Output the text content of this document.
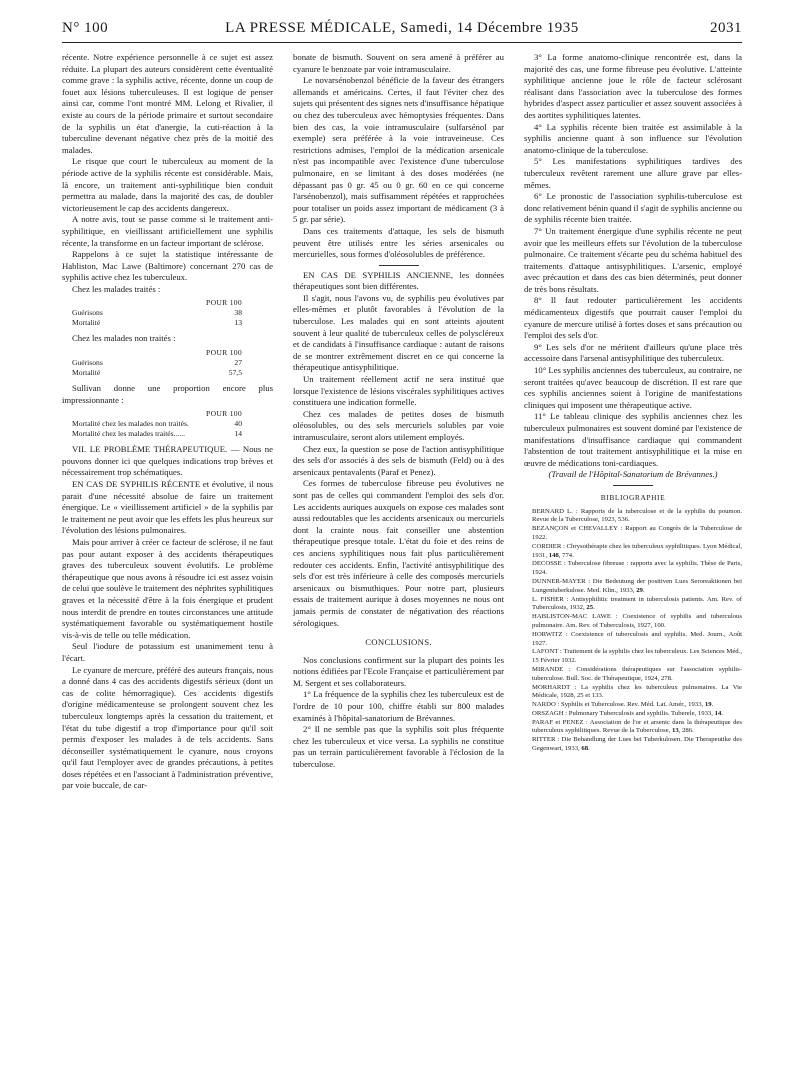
N° 100	LA PRESSE MÉDICALE, Samedi, 14 Décembre 1935	2031

récente. Notre expérience personnelle à ce sujet est assez réduite. La plupart des auteurs considèrent cette éventualité comme grave : la syphilis active, récente, donne un coup de fouet aux lésions tuberculeuses. Il est logique de penser ainsi car, comme l'ont montré MM. Lelong et Rivalier, il existe au cours de la période primaire et surtout secondaire de la syphilis un état d'anergie, la cuti-réaction à la tuberculine devenant négative chez près de la moitié des malades.

Le risque que court le tuberculeux au moment de la période active de la syphilis récente est considérable. Mais, là encore, un traitement anti-syphilitique bien conduit permettra au malade, dans la majorité des cas, de doubler victorieusement le cap des accidents dangereux.

A notre avis, tout se passe comme si le traitement anti-syphilitique, en vieillissant artificiellement une syphilis récente, la transforme en un facteur important de sclérose.

Rappelons à ce sujet la statistique intéressante de Habliston, Mac Lawe (Baltimore) concernant 270 cas de syphilis active chez les tuberculeux.

Chez les malades traités :

POUR 100
Guérisons	38
Mortalité	13

Chez les malades non traités :

POUR 100
Guérisons	27
Mortalité	57,5

Sullivan donne une proportion encore plus impressionnante :

POUR 100
Mortalité chez les malades non traités.	40
Mortalité chez les malades traités......	14

VII. LE PROBLÈME THÉRAPEUTIQUE. — Nous ne pouvons donner ici que quelques indications trop brèves et nécessairement trop schématiques.

EN CAS DE SYPHILIS RÉCENTE et évolutive, il nous parait d'une nécessité absolue de faire un traitement énergique. Le « vieillissement artificiel » de la syphilis par le traitement ne peut avoir que les effets les plus heureux sur l'évolution des lésions pulmonaires.

Mais pour arriver à créer ce facteur de sclérose, il ne faut pas pour autant exposer à des accidents thérapeutiques graves des tuberculeux souvent évolutifs. Le problème thérapeutique que nous avons à résoudre ici est assez voisin de celui que soulève le traitement des néphrites syphilitiques graves et la nécessité d'être à la fois énergique et prudent nous interdit de prendre en toutes circonstances une attitude systématiquement favorable ou systématiquement hostile vis-à-vis de telle ou telle médication.

Seul l'iodure de potassium est unanimement tenu à l'écart.

Le cyanure de mercure, préféré des auteurs français, nous a donné dans 4 cas des accidents digestifs sérieux (dont un cas de colite hémorragique). Ces accidents digestifs d'origine médicamenteuse se prolongent souvent chez les tuberculeux longtemps après la cessation du traitement, et l'état du tube digestif a trop d'importance pour qu'il soit permis d'exposer les malades à de tels accidents. Sans déconseiller systématiquement le cyanure, nous croyons qu'il faut l'employer avec de grandes précautions, à petites doses répétées et en l'associant à l'administration préventive, par voie buccale, de car-

bonate de bismuth. Souvent on sera amené à préférer au cyanure le benzoate par voie intramusculaire.

Le novarsénobenzol bénéficie de la faveur des étrangers allemands et américains. Certes, il faut l'éviter chez des sujets qui présentent des signes nets d'insuffisance hépatique ou chez des tuberculeux avec hémoptysies fréquentes. Dans bien des cas, la voie intramusculaire (sulfarsénol par exemple) sera préférée à la voie intraveineuse. Ces restrictions admises, l'emploi de la médication arsenicale n'est pas incompatible avec l'existence d'une tuberculose pulmonaire, en se limitant à des doses modérées (ne dépassant pas 0 gr. 45 ou 0 gr. 60 en ce qui concerne l'arsénobenzol), mais suffisamment répétées et rapprochées pour totaliser un poids assez important de médicament (3 à 5 gr. par série).

Dans ces traitements d'attaque, les sels de bismuth peuvent être utilisés entre les séries arsenicales ou mercurielles, sous formes d'oléosolubles de préférence.

EN CAS DE SYPHILIS ANCIENNE, les données thérapeutiques sont bien différentes.

Il s'agit, nous l'avons vu, de syphilis peu évolutives par elles-mêmes et plutôt favorables à l'évolution de la tuberculose. Les malades qui en sont atteints ajoutent souvent à leur qualité de tuberculeux celles de polyscléreux et de candidats à l'insuffisance cardiaque : autant de raisons de se montrer extrêmement discret en ce qui concerne la thérapeutique antisyphilitique.

Un traitement réellement actif ne sera institué que lorsque l'existence de lésions viscérales syphilitiques actives constituera une indication formelle.

Chez ces malades de petites doses de bismuth oléosolubles, ou des sels mercuriels solubles par voie intramusculaire, seront alors utilement employés.

Chez eux, la question se pose de l'action antisyphilitique des sels d'or associés à des sels de bismuth (Feld) ou à des arsenicaux pentavalents (Paraf et Penez).

Ces formes de tuberculose fibreuse peu évolutives ne sont pas de celles qui commandent l'emploi des sels d'or. Les accidents auriques auxquels on expose ces malades sont aussi redoutables que les accidents arsenicaux ou mercuriels dont la crainte nous fait conseiller une abstention thérapeutique presque totale. L'état du foie et des reins de ces anciens syphilitiques nous fait plus particulièrement redouter ces accidents. Enfin, l'activité antisyphilitique des sels d'or est très inférieure à celle des composés mercuriels arsenicaux ou bismuthiques. Pour notre part, plusieurs essais de traitement aurique à doses moyennes ne nous ont jamais permis de constater de négativation des réactions sérologiques.

CONCLUSIONS.

Nos conclusions confirment sur la plupart des points les notions édifiées par l'Ecole Française et particulièrement par M. Sergent et ses collaborateurs.

1° La fréquence de la syphilis chez les tuberculeux est de l'ordre de 10 pour 100, chiffre établi sur 800 malades examinés à l'hôpital-sanatorium de Brévannes.

2° Il ne semble pas que la syphilis soit plus fréquente chez les tuberculeux et vice versa. La syphilis ne constitue pas un terrain particulièrement favorable à l'éclosion de la tuberculose.

3° La forme anatomo-clinique rencontrée est, dans la majorité des cas, une forme fibreuse peu évolutive. L'atteinte syphilitique ancienne joue le rôle de facteur sclérosant réalisant dans l'association avec la tuberculose des formes hybrides d'aspect assez particulier et assez souvent associées à des aortites syphilitiques latentes.

4° La syphilis récente bien traitée est assimilable à la syphilis ancienne quant à son influence sur l'évolution anatomo-clinique de la tuberculose.

5° Les manifestations syphilitiques tardives des tuberculeux revêtent rarement une allure grave par elles-mêmes.

6° Le pronostic de l'association syphilis-tuberculose est donc relativement bénin quand il s'agit de syphilis ancienne ou de syphilis récente bien traitée.

7° Un traitement énergique d'une syphilis récente ne peut avoir que les meilleurs effets sur l'évolution de la tuberculose pulmonaire. Ce traitement s'écarte peu du schéma habituel des traitements d'attaque antisyphilitiques. L'arsenic, employé avec précaution et dans des cas bien déterminés, peut donner de très bons résultats.

8° Il faut redouter particulièrement les accidents médicamenteux digestifs que pourrait causer l'emploi du cyanure de mercure utilisé à fortes doses et sans précaution ou l'emploi des sels d'or.

9° Les sels d'or ne méritent d'ailleurs qu'une place très accessoire dans l'arsenal antisyphilitique des tuberculeux.

10° Les syphilis anciennes des tuberculeux, au contraire, ne seront traitées qu'avec beaucoup de discrétion. Il est rare que ces syphilis anciennes soient à l'origine de manifestations cliniques qui imposent une thérapeutique active.

11° Le tableau clinique des syphilis anciennes chez les tuberculeux pulmonaires est souvent dominé par l'existence de manifestations d'insuffisance cardiaque qui commandent l'abstention de tout traitement antisyphilitique et la mise en œuvre de médications toni-cardiaques.

(Travail de l'Hôpital-Sanatorium de Brévannes.)

BIBLIOGRAPHIE

BERNARD L. : Rapports de la tuberculose et de la syphilis du poumon. Revue de la Tuberculose, 1923, 536.

BEZANÇON et CHEVALLEY : Rapport au Congrès de la Tuberculose de 1922.

CORDIER : Chrysothérapie chez les tuberculeux syphilitiques. Lyon Médical, 1931, 148, 774.

DECOSSE : Tuberculose fibreuse : rapports avec la syphilis. Thèse de Paris, 1924.

DUNNER-MAYER : Die Bedeutung der positiven Lues Seroreaktionen bei Lungentuberkulose. Med. Klin., 1933, 29.

L. FISHER : Antisyphilitic treatment in tuberculosis patients. Am. Rev. of Tuberculosis, 1932, 25.

HABLISTON-MAC LAWE : Coexistence of syphilis and tuberculous pulmonaire. Am. Rev. of Tuberculosis, 1927, 100.

HORWITZ : Coexistence of tuberculosis and syphilis. Med. Journ., Août 1927.

LAFONT : Traitement de la syphilis chez les tuberculeux. Les Sciences Méd., 15 Février 1932.

MIRANDE : Considérations thérapeutiques sur l'association syphilis-tuberculose. Bull. Soc. de Thérapeutique, 1924, 278.

MORHARDT : La syphilis chez les tuberculeux pulmonaires. La Vie Médicale, 1928, 25 et 133.

NARDO : Syphilis et Tuberculose. Rev. Méd. Lat. Amér., 1933, 19.

ORSZAGH : Pulmonary Tuberculosis and syphilis. Tuberele, 1933, 14.

PARAF et PENEZ : Association de l'or et arsenic dans la thérapeutique des tuberculeux syphilitiques. Revue de la Tuberculose, 13, 286.

RITTER : Die Behandlung der Lues bei Tuberkulosen. Die Therapeutike des Gegenwart, 1933, 68.
